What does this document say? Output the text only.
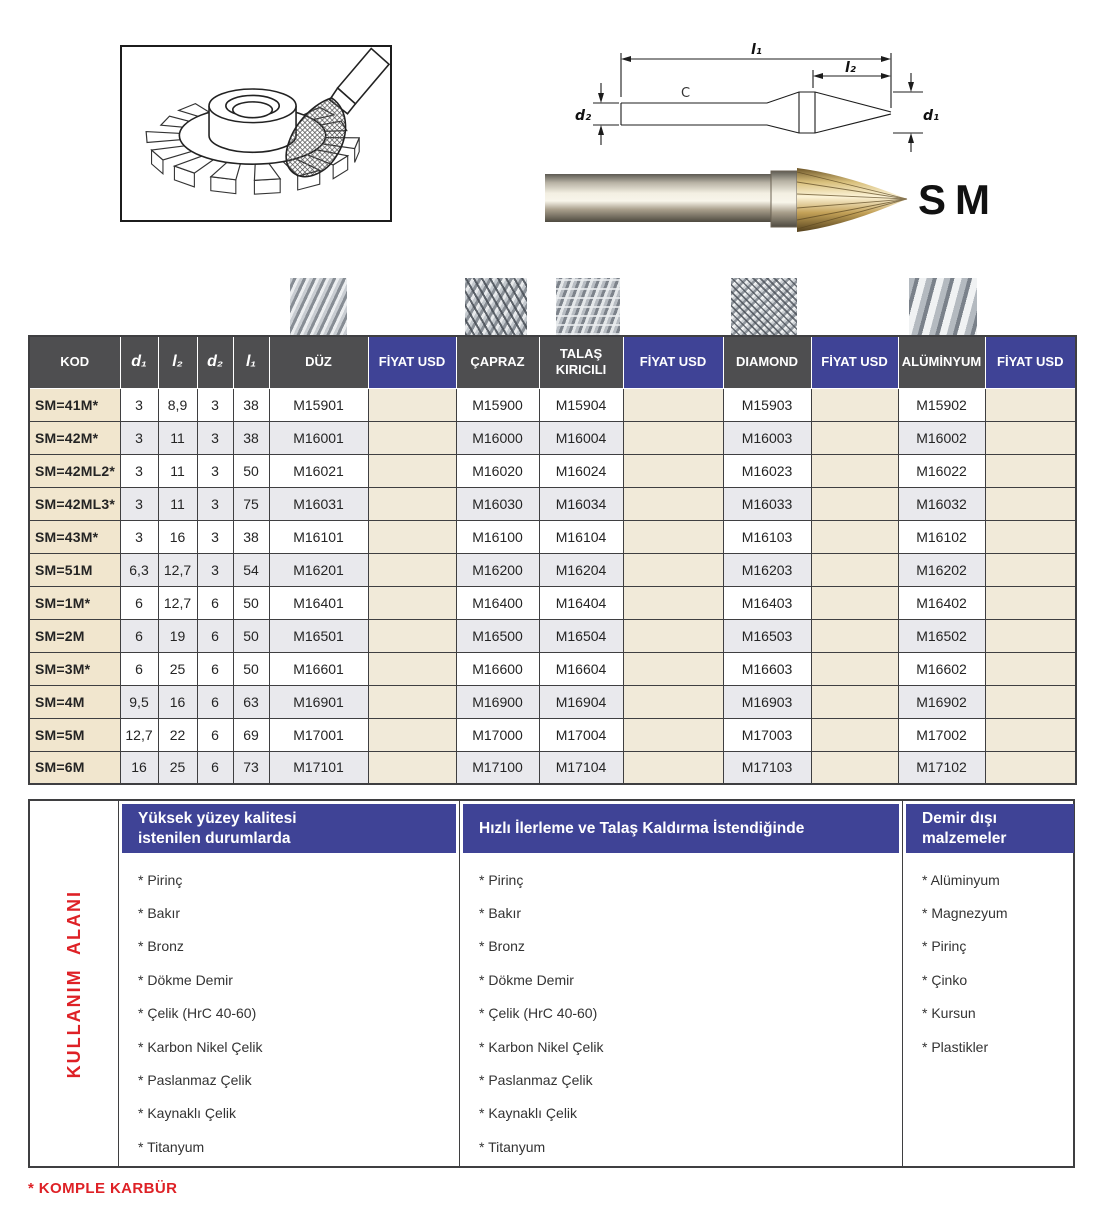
l₁
l₂
d₂	d₁
C
SM
KOD	d₁	l₂	d₂	l₁	DÜZ	FİYAT USD	ÇAPRAZ	TALAŞ KIRICILI	FİYAT USD	DIAMOND	FİYAT USD	ALÜMİNYUM	FİYAT USD
SM=41M*	3	8,9	3	38	M15901		M15900	M15904		M15903		M15902	
SM=42M*	3	11	3	38	M16001		M16000	M16004		M16003		M16002	
SM=42ML2*	3	11	3	50	M16021		M16020	M16024		M16023		M16022	
SM=42ML3*	3	11	3	75	M16031		M16030	M16034		M16033		M16032	
SM=43M*	3	16	3	38	M16101		M16100	M16104		M16103		M16102	
SM=51M	6,3	12,7	3	54	M16201		M16200	M16204		M16203		M16202	
SM=1M*	6	12,7	6	50	M16401		M16400	M16404		M16403		M16402	
SM=2M	6	19	6	50	M16501		M16500	M16504		M16503		M16502	
SM=3M*	6	25	6	50	M16601		M16600	M16604		M16603		M16602	
SM=4M	9,5	16	6	63	M16901		M16900	M16904		M16903		M16902	
SM=5M	12,7	22	6	69	M17001		M17000	M17004		M17003		M17002	
SM=6M	16	25	6	73	M17101		M17100	M17104		M17103		M17102	
KULLANIM  ALANI
Yüksek yüzey kalitesi istenilen durumlarda
* Pirinç
* Bakır
* Bronz
* Dökme Demir
* Çelik (HrC 40-60)
* Karbon Nikel Çelik
* Paslanmaz Çelik
* Kaynaklı Çelik
* Titanyum
Hızlı İlerleme ve Talaş Kaldırma İstendiğinde
* Pirinç
* Bakır
* Bronz
* Dökme Demir
* Çelik (HrC 40-60)
* Karbon Nikel Çelik
* Paslanmaz Çelik
* Kaynaklı Çelik
* Titanyum
Demir dışı malzemeler
* Alüminyum
* Magnezyum
* Pirinç
* Çinko
* Kursun
* Plastikler
* KOMPLE KARBÜR
